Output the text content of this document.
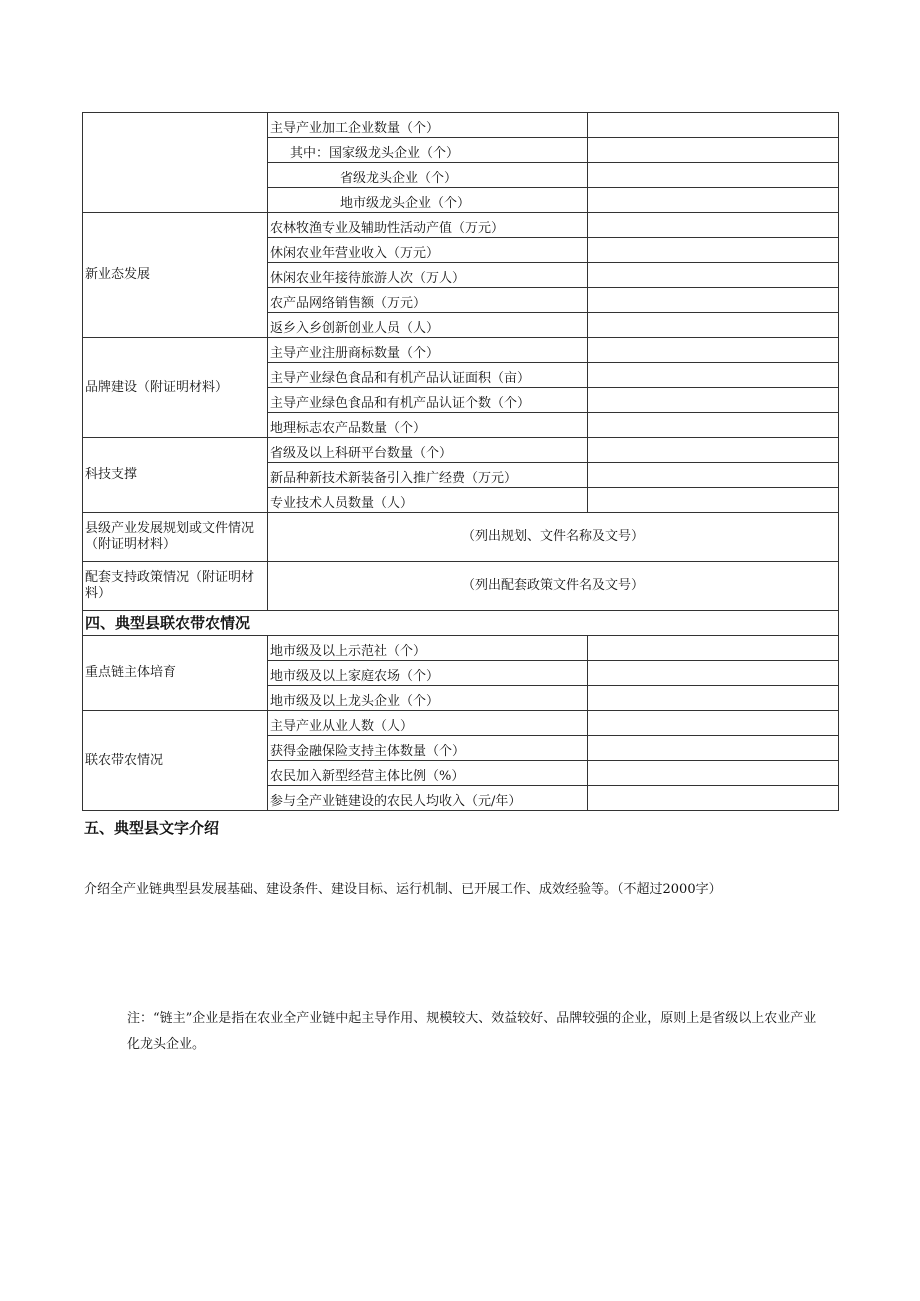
	主导产业加工企业数量（个）	
	其中：国家级龙头企业（个）	
	省级龙头企业（个）	
	地市级龙头企业（个）	
新业态发展	农林牧渔专业及辅助性活动产值（万元）	
	休闲农业年营业收入（万元）	
	休闲农业年接待旅游人次（万人）	
	农产品网络销售额（万元）	
	返乡入乡创新创业人员（人）	
品牌建设（附证明材料）	主导产业注册商标数量（个）	
	主导产业绿色食品和有机产品认证面积（亩）	
	主导产业绿色食品和有机产品认证个数（个）	
	地理标志农产品数量（个）	
科技支撑	省级及以上科研平台数量（个）	
	新品种新技术新装备引入推广经费（万元）	
	专业技术人员数量（人）	
县级产业发展规划或文件情况（附证明材料）	（列出规划、文件名称及文号）	
配套支持政策情况（附证明材料）	（列出配套政策文件名及文号）	
四、典型县联农带农情况		
重点链主体培育	地市级及以上示范社（个）	
	地市级及以上家庭农场（个）	
	地市级及以上龙头企业（个）	
联农带农情况	主导产业从业人数（人）	
	获得金融保险支持主体数量（个）	
	农民加入新型经营主体比例（%）	
	参与全产业链建设的农民人均收入（元/年）	
五、典型县文字介绍
介绍全产业链典型县发展基础、建设条件、建设目标、运行机制、已开展工作、成效经验等。（不超过2000字）
注：“链主”企业是指在农业全产业链中起主导作用、规模较大、效益较好、品牌较强的企业，原则上是省级以上农业产业化龙头企业。
